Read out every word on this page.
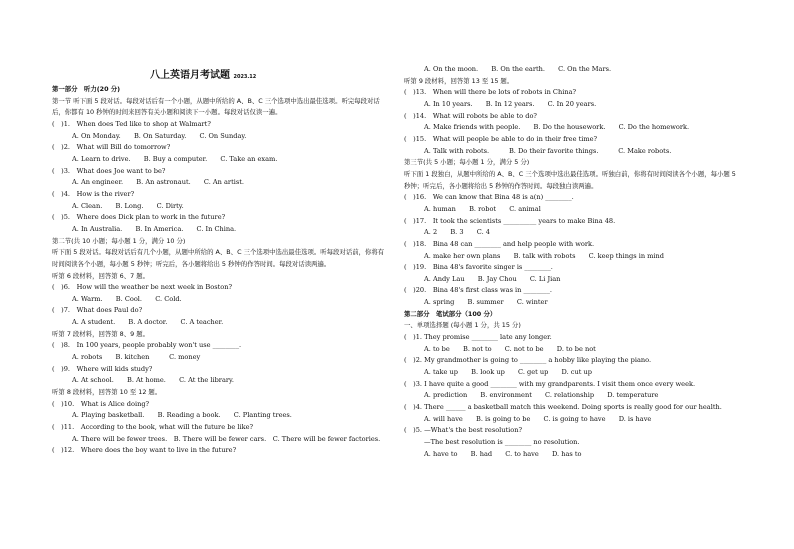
八上英语月考试题 2023.12
第一部分　听力(20 分)
第一节 听下面 5 段对话。每段对话后有一个小题，从题中所给的 A、B、C 三个选项中选出最佳选项。听完每段对话后，你都有 10 秒钟的时间来回答有关小题和阅读下一小题。每段对话仅读一遍。
(　)1.　When does Ted like to shop at Walmart?
A. On Monday.　　B. On Saturday.　　C. On Sunday.
(　)2.　What will Bill do tomorrow?
A. Learn to drive.　　B. Buy a computer.　　C. Take an exam.
(　)3.　What does Joe want to be?
A. An engineer.　　B. An astronaut.　　C. An artist.
(　)4.　How is the river?
A. Clean.　　B. Long.　　C. Dirty.
(　)5.　Where does Dick plan to work in the future?
A. In Australia.　　B. In America.　　C. In China.
第二节(共 10 小题；每小题 1 分，满分 10 分)
听下面 5 段对话。每段对话后有几个小题，从题中所给的 A、B、C 三个选项中选出最佳选项。听每段对话前，你将有时间阅读各个小题，每小题 5 秒钟；听完后，各小题将给出 5 秒钟的作答时间。每段对话读两遍。
听第 6 段材料，回答第 6、7 题。
(　)6.　How will the weather be next week in Boston?
A. Warm.　　B. Cool.　　C. Cold.
(　)7.　What does Paul do?
A. A student.　　B. A doctor.　　C. A teacher.
听第 7 段材料，回答第 8、9 题。
(　)8.　In 100 years, people probably won't use ________.
A. robots　　B. kitchen　　　C. money
(　)9.　Where will kids study?
A. At school.　　B. At home.　　C. At the library.
听第 8 段材料，回答第 10 至 12 题。
(　)10.　What is Alice doing?
A. Playing basketball.　　B. Reading a book.　　C. Planting trees.
(　)11.　According to the book, what will the future be like?
A. There will be fewer trees.　B. There will be fewer cars.　C. There will be fewer factories.
(　)12.　Where does the boy want to live in the future?
A. On the moon.　　B. On the earth.　　C. On the Mars.
听第 9 段材料，回答第 13 至 15 题。
(　)13.　When will there be lots of robots in China?
A. In 10 years.　　B. In 12 years.　　C. In 20 years.
(　)14.　What will robots be able to do?
A. Make friends with people.　　B. Do the housework.　　C. Do the homework.
(　)15.　What will people be able to do in their free time?
A. Talk with robots.　　　B. Do their favorite things.　　　C. Make robots.
第三节(共 5 小题；每小题 1 分，满分 5 分)
听下面 1 段独白，从题中所给的 A、B、C 三个选项中选出最佳选项。听独白前，你将有时间阅读各个小题，每小题 5 秒钟；听完后，各小题将给出 5 秒钟的作答时间。每段独白读两遍。
(　)16.　We can know that Bina 48 is a(n) ________.
A. human　　B. robot　　C. animal
(　)17.　It took the scientists __________ years to make Bina 48.
A. 2　　B. 3　　C. 4
(　)18.　Bina 48 can ________ and help people with work.
A. make her own plans　　B. talk with robots　　C. keep things in mind
(　)19.　Bina 48's favorite singer is ________.
A. Andy Lau　　B. Jay Chou　　C. Li Jian
(　)20.　Bina 48's first class was in ________.
A. spring　　B. summer　　C. winter
第二部分　笔试部分（100 分）
一、单项选择题 (每小题 1 分，共 15 分)
(　)1. They promise ________ late any longer.
A. to be　　B. not to　　C. not to be　　D. to be not
(　)2. My grandmother is going to ________ a hobby like playing the piano.
A. take up　　B. look up　　C. get up　　D. cut up
(　)3. I have quite a good ________ with my grandparents. I visit them once every week.
A. prediction　　B. environment　　C. relationship　　D. temperature
(　)4. There ______ a basketball match this weekend. Doing sports is really good for our health.
A. will have　　B. is going to be　　C. is going to have　　D. is have
(　)5. —What's the best resolution?
—The best resolution is ________ no resolution.
A. have to　　B. had　　C. to have　　D. has to
